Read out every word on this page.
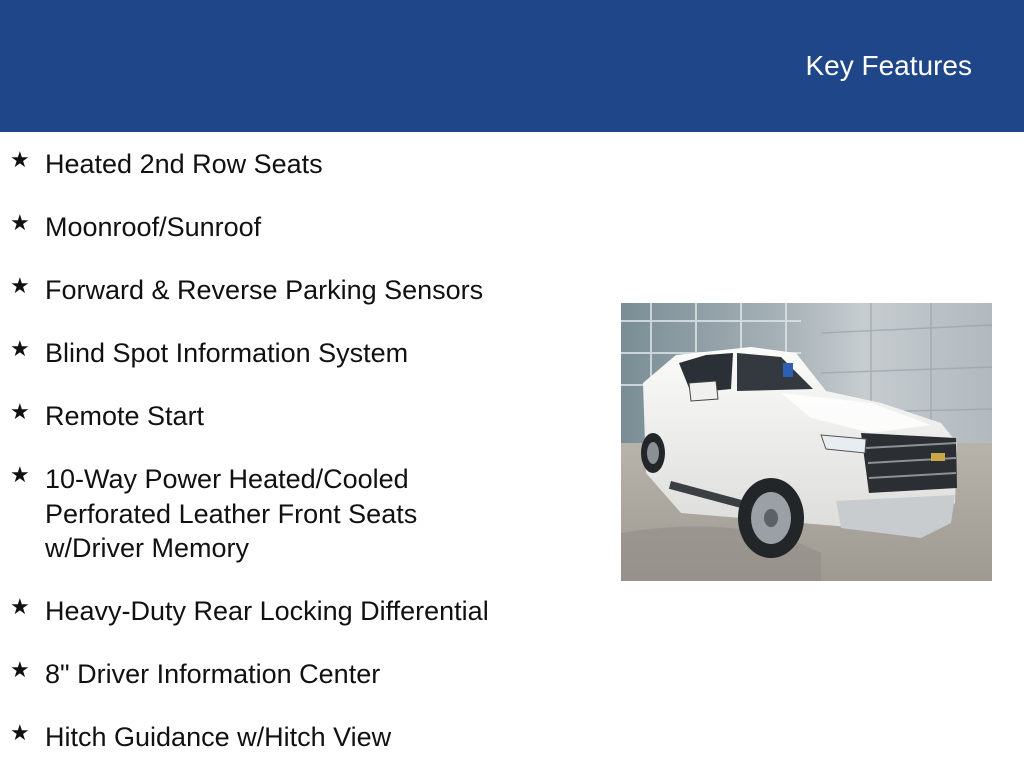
Key Features
★ Heated 2nd Row Seats
★ Moonroof/Sunroof
★ Forward & Reverse Parking Sensors
★ Blind Spot Information System
★ Remote Start
★ 10-Way Power Heated/Cooled Perforated Leather Front Seats w/Driver Memory
★ Heavy-Duty Rear Locking Differential
★ 8" Driver Information Center
★ Hitch Guidance w/Hitch View
